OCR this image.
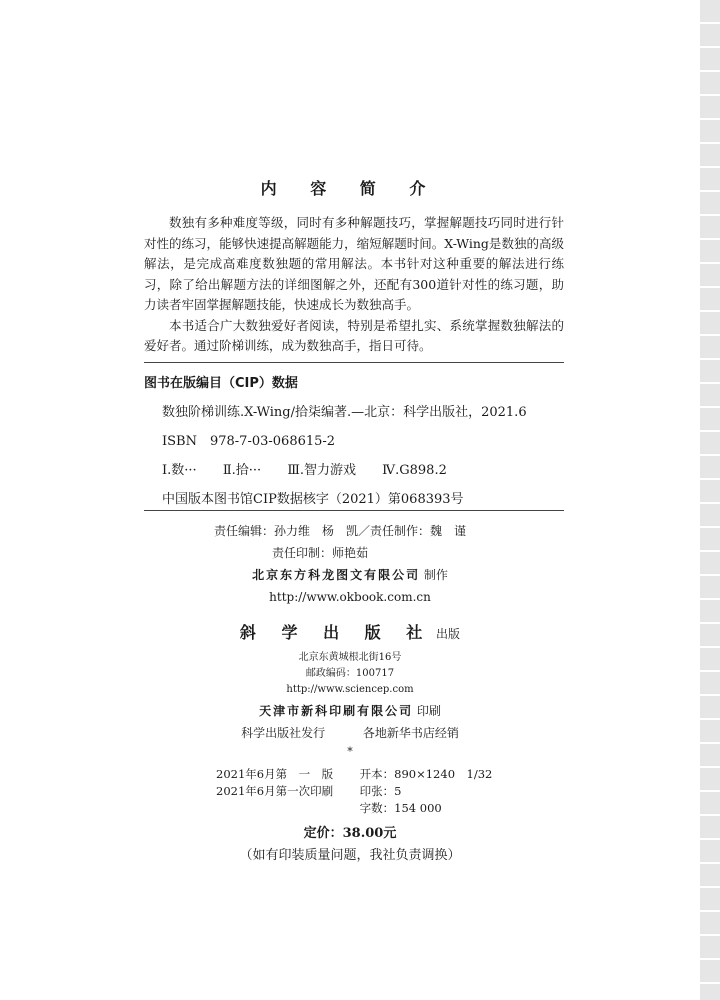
内 容 简 介

数独有多种难度等级，同时有多种解题技巧，掌握解题技巧同时进行针对性的练习，能够快速提高解题能力，缩短解题时间。X-Wing是数独的高级解法，是完成高难度数独题的常用解法。本书针对这种重要的解法进行练习，除了给出解题方法的详细图解之外，还配有300道针对性的练习题，助力读者牢固掌握解题技能，快速成长为数独高手。

本书适合广大数独爱好者阅读，特别是希望扎实、系统掌握数独解法的爱好者。通过阶梯训练，成为数独高手，指日可待。

图书在版编目（CIP）数据
数独阶梯训练.X-Wing/拾柒编著.—北京：科学出版社，2021.6
ISBN　978-7-03-068615-2
Ⅰ.数··· Ⅱ.拾··· Ⅲ.智力游戏 Ⅳ.G898.2
中国版本图书馆CIP数据核字（2021）第068393号
责任编辑：孙力维　杨　凯／责任制作：魏　谨
责任印制：师艳茹
北京东方科龙图文有限公司 制作
http://www.okbook.com.cn
斜 学 出 版 社 出版
北京东黄城根北街16号
邮政编码：100717
http://www.sciencep.com
天津市新科印刷有限公司 印刷
科学出版社发行	各地新华书店经销
*
2021年6月第　一　版 开本：890×1240　1/32
2021年6月第一次印刷 印张：5
字数：154 000
定价：38.00元
（如有印装质量问题，我社负责调换）
